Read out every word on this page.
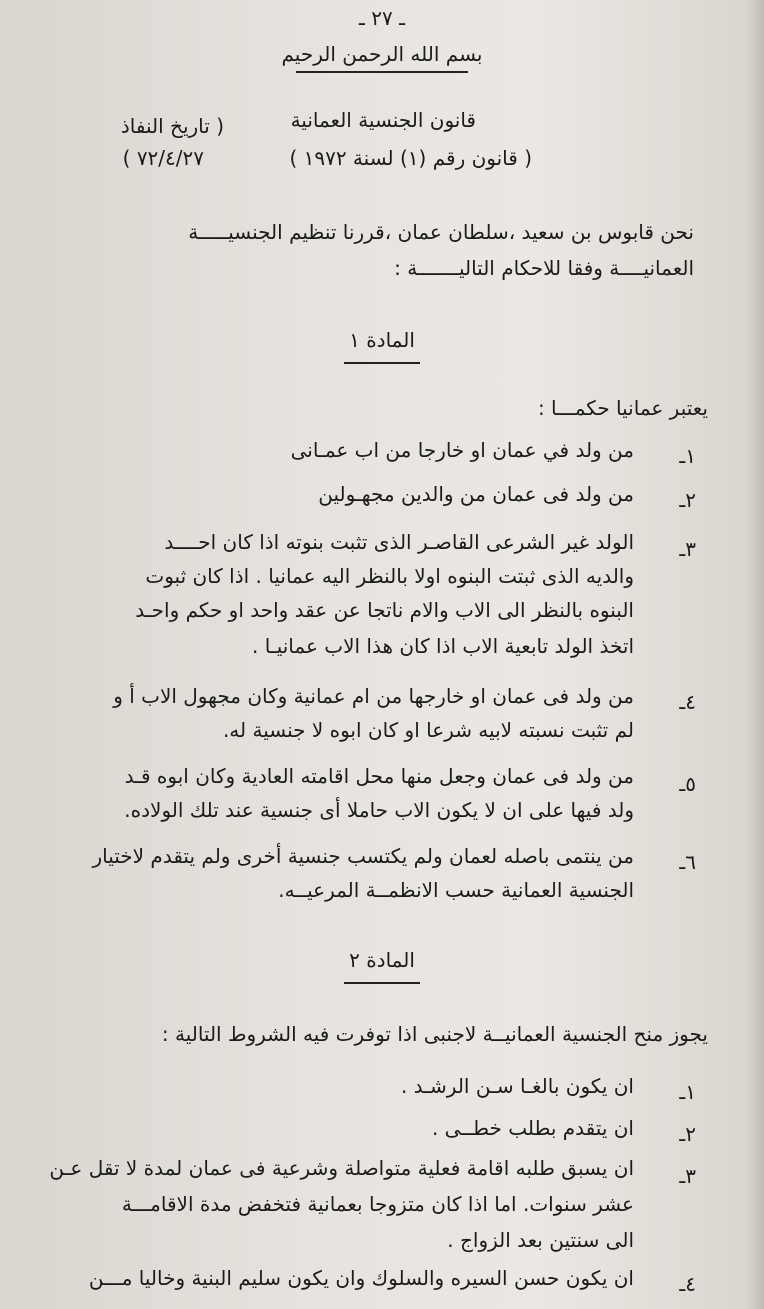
ـ ٢٧ ـ
بسم الله الرحمن الرحيم
قانون الجنسية العمانية
( قانون رقم (١) لسنة ١٩٧٢ )
( تاريخ النفاذ
٧٢/٤/٢٧ )
نحن قابوس بن سعيد ،سلطان عمان ،قررنا تنظيم الجنسيـــــة
العمانيــــة وفقا للاحكام التاليـــــــة :
المادة ١
يعتبر عمانيا حكمـــا :
١ـ
من ولد في عمان او خارجا من اب عمـانى
٢ـ
من ولد فى عمان من والدين مجهـولين
٣ـ
الولد غير الشرعى القاصـر الذى تثبت بنوته اذا كان احــــد
والديه الذى ثبتت البنوه اولا بالنظر اليه عمانيا . اذا كان ثبوت
البنوه بالنظر الى الاب والام ناتجا عن عقد واحد او حكم واحـد
اتخذ الولد تابعية الاب اذا كان هذا الاب عمانيـا .
٤ـ
من ولد فى عمان او خارجها من ام عمانية وكان مجهول الاب أ و
لم تثبت نسبته لابيه شرعا او كان ابوه لا جنسية له.
٥ـ
من ولد فى عمان وجعل منها محل اقامته العادية وكان ابوه قـد
ولد فيها على ان لا يكون الاب حاملا أى جنسية عند تلك الولاده.
٦ـ
من ينتمى باصله لعمان ولم يكتسب جنسية أخرى ولم يتقدم لاختيار
الجنسية العمانية حسب الانظمــة المرعيــه.
المادة ٢
يجوز منح الجنسية العمانيــة لاجنبى اذا توفرت فيه الشروط التالية :
١ـ
ان يكون بالغـا سـن الرشـد .
٢ـ
ان يتقدم بطلب خطــى .
٣ـ
ان يسبق طلبه اقامة فعلية متواصلة وشرعية فى عمان لمدة لا تقل عـن
عشر سنوات. اما اذا كان متزوجا بعمانية فتخفض مدة الاقامـــة
الى سنتين بعد الزواج .
٤ـ
ان يكون حسن السيره والسلوك وان يكون سليم البنية وخاليا مـــن
